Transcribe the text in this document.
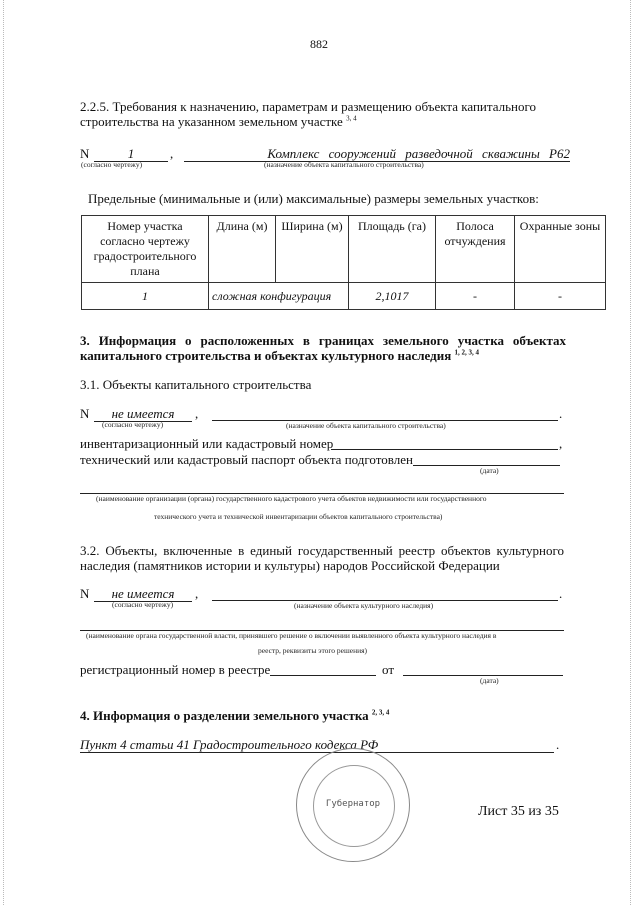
882
2.2.5. Требования к назначению, параметрам и размещению объекта капитального
строительства на указанном земельном участке $^{3, 4}$
N	1	,
(согласно чертежу)
Комплекс сооружений разведочной скважины Р62
(назначение объекта капитального строительства)
Предельные (минимальные и (или) максимальные) размеры земельных участков:
Номер участка согласно чертежу градостроительного плана	Длина (м)	Ширина (м)	Площадь (га)	Полоса отчуждения	Охранные зоны
1	сложная конфигурация		2,1017	-	-
3. Информация о расположенных в границах земельного участка объектах
капитального строительства и объектах культурного наследия $^{1, 2, 3, 4}$
3.1. Объекты капитального строительства
N	не имеется	,
(согласно чертежу)
.
(назначение объекта капитального строительства)
инвентаризационный или кадастровый номер	,
технический или кадастровый паспорт объекта подготовлен
(дата)
(наименование организации (органа) государственного кадастрового учета объектов недвижимости или государственного
технического учета и технической инвентаризации объектов капитального строительства)
3.2. Объекты, включенные в единый государственный реестр объектов культурного
наследия (памятников истории и культуры) народов Российской Федерации
N	не имеется	,
(согласно чертежу)
.
(назначение объекта культурного наследия)
(наименование органа государственной власти, принявшего решение о включении выявленного объекта культурного наследия в
реестр, реквизиты этого решения)
регистрационный номер в реестре	от
(дата)
4. Информация о разделении земельного участка $^{2, 3, 4}$
Пункт 4 статьи 41 Градостроительного кодекса РФ	.
Губернатор	Лист 35 из 35
